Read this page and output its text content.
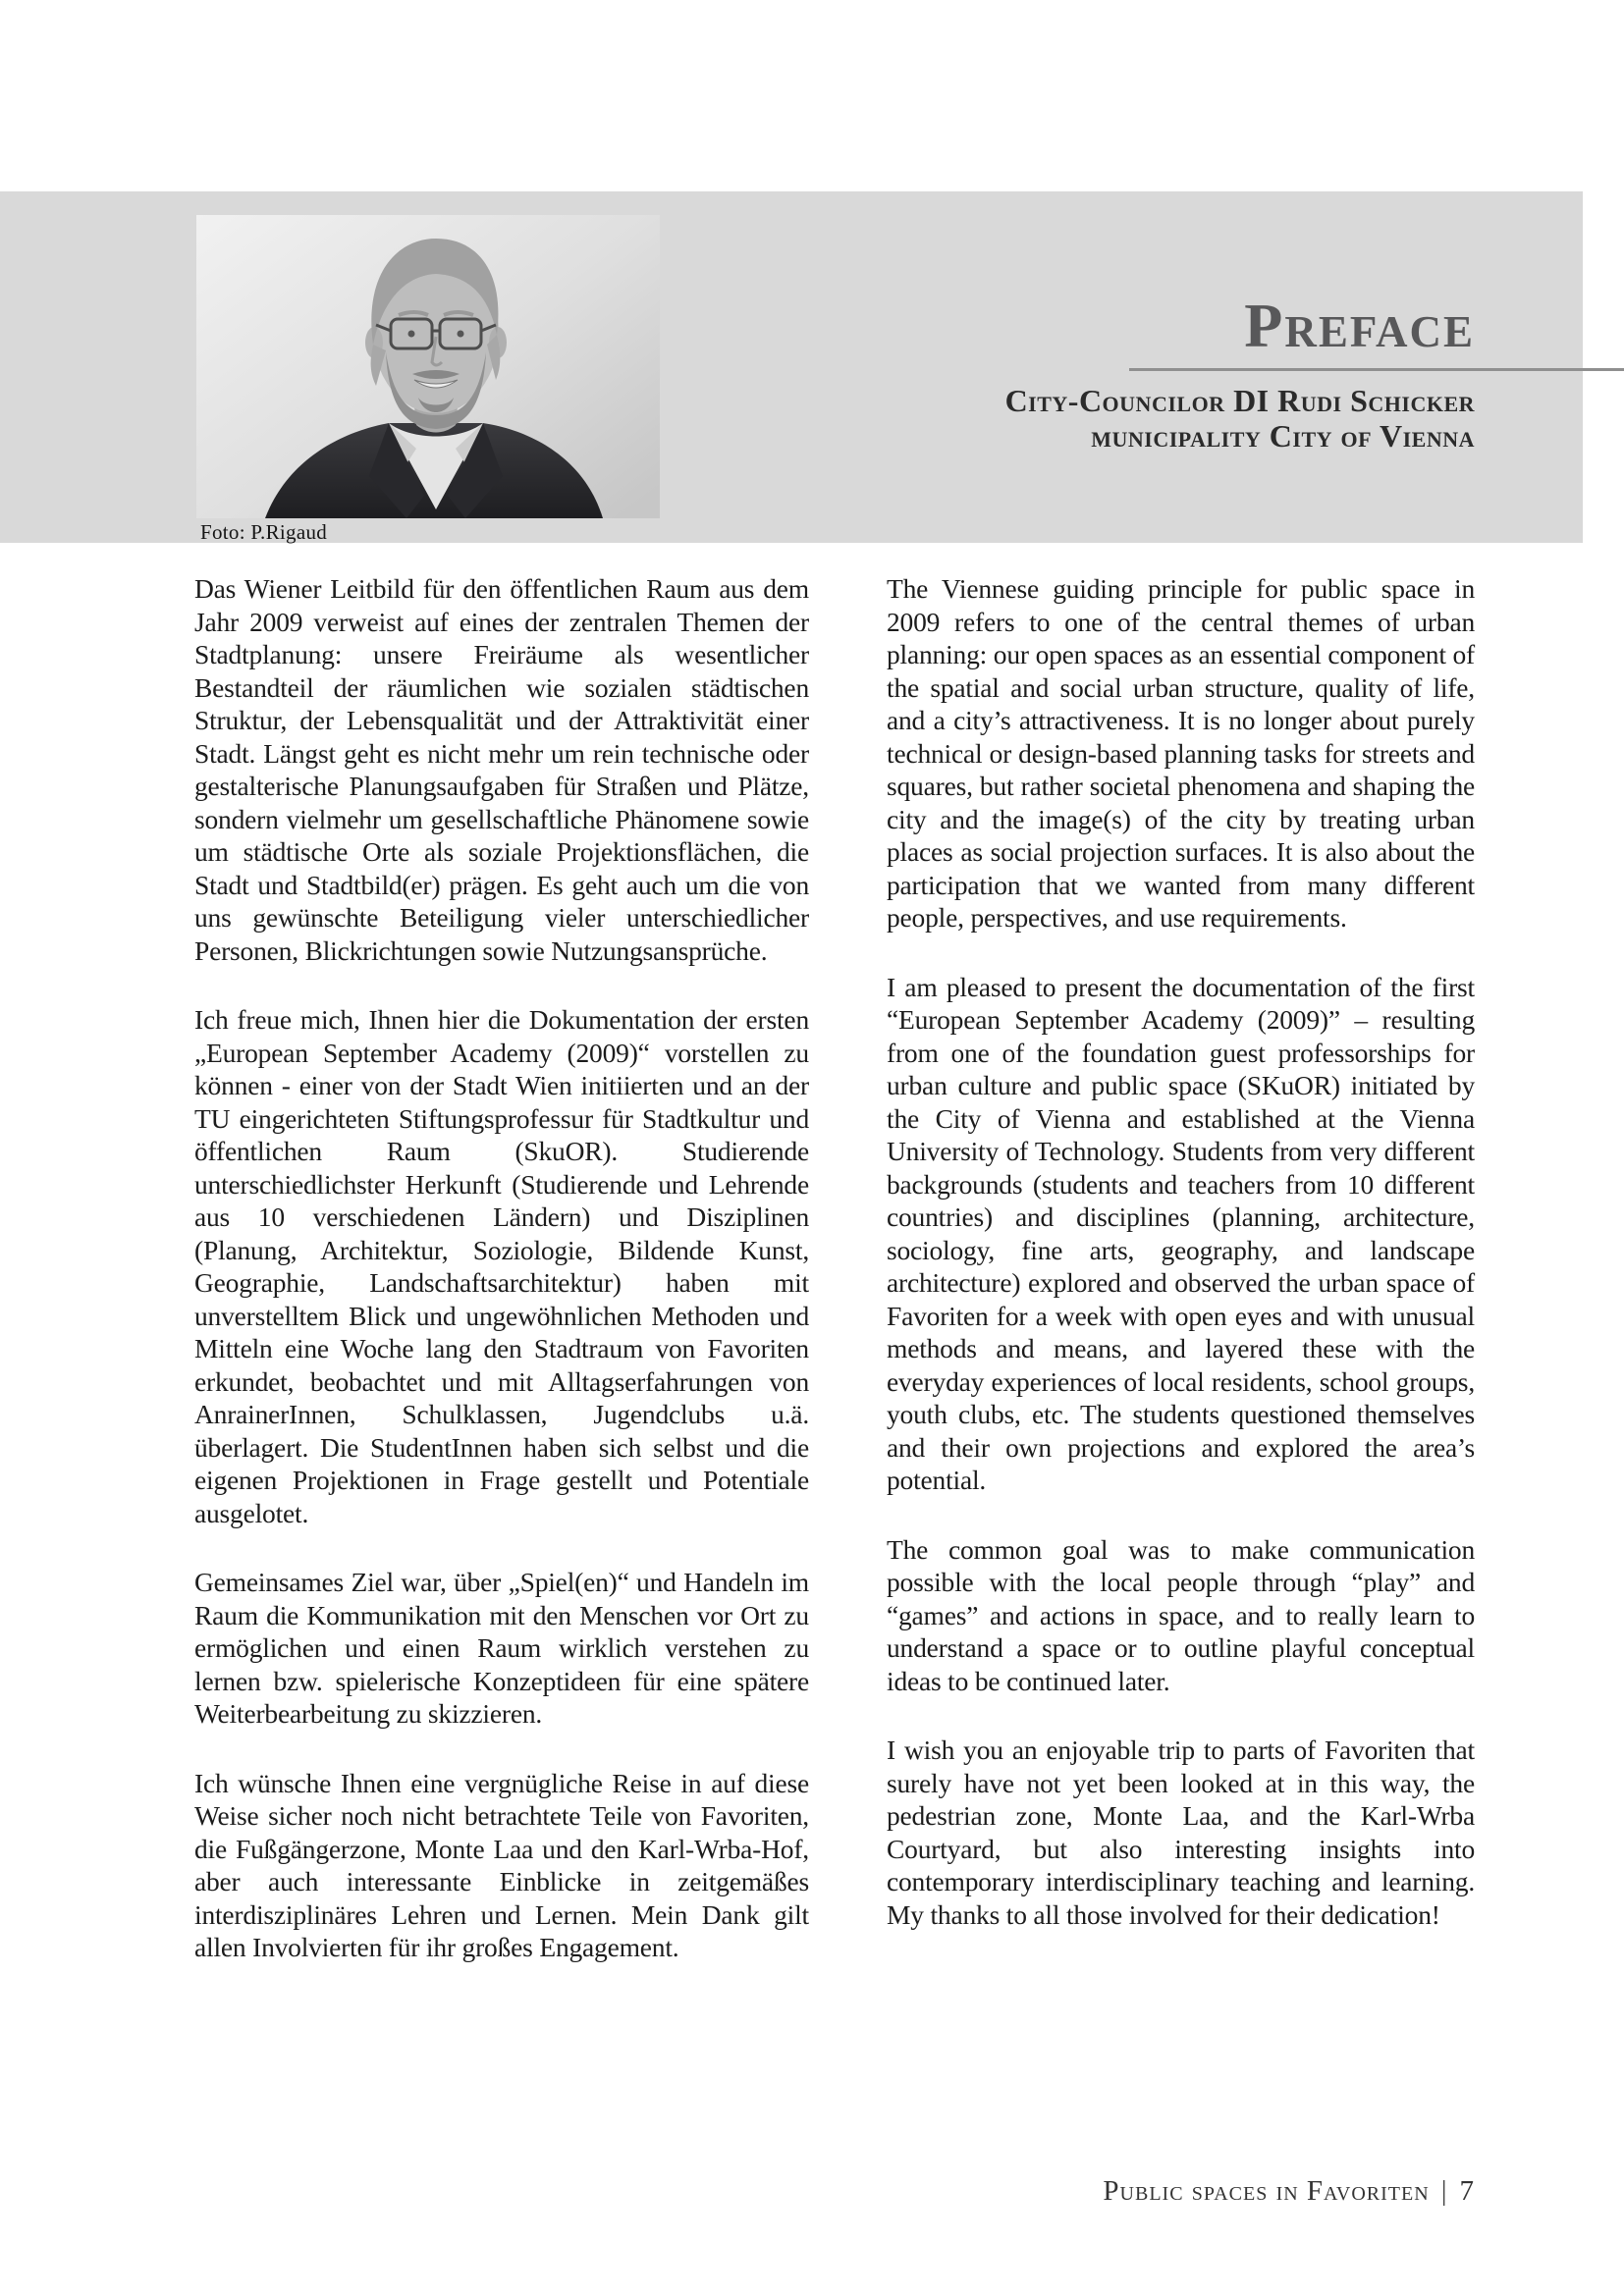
Foto: P.Rigaud
Preface
City-Councilor DI Rudi Schicker
municipality City of Vienna

Das Wiener Leitbild für den öffentlichen Raum aus dem Jahr 2009 verweist auf eines der zentralen Themen der Stadtplanung: unsere Freiräume als wesentlicher Bestandteil der räumlichen wie sozialen städtischen Struktur, der Lebensqualität und der Attraktivität einer Stadt. Längst geht es nicht mehr um rein technische oder gestalterische Planungsaufgaben für Straßen und Plätze, sondern vielmehr um gesellschaftliche Phänomene sowie um städtische Orte als soziale Projektionsflächen, die Stadt und Stadtbild(er) prägen. Es geht auch um die von uns gewünschte Beteiligung vieler unterschiedlicher Personen, Blickrichtungen sowie Nutzungsansprüche.

Ich freue mich, Ihnen hier die Dokumentation der ersten „European September Academy (2009)“ vorstellen zu können - einer von der Stadt Wien initiierten und an der TU eingerichteten Stiftungsprofessur für Stadtkultur und öffentlichen Raum (SkuOR). Studierende unterschiedlichster Herkunft (Studierende und Lehrende aus 10 verschiedenen Ländern) und Disziplinen (Planung, Architektur, Soziologie, Bildende Kunst, Geographie, Landschaftsarchitektur) haben mit unverstelltem Blick und ungewöhnlichen Methoden und Mitteln eine Woche lang den Stadtraum von Favoriten erkundet, beobachtet und mit Alltagserfahrungen von AnrainerInnen, Schulklassen, Jugendclubs u.ä. überlagert. Die StudentInnen haben sich selbst und die eigenen Projektionen in Frage gestellt und Potentiale ausgelotet.

Gemeinsames Ziel war, über „Spiel(en)“ und Handeln im Raum die Kommunikation mit den Menschen vor Ort zu ermöglichen und einen Raum wirklich verstehen zu lernen bzw. spielerische Konzeptideen für eine spätere Weiterbearbeitung zu skizzieren.

Ich wünsche Ihnen eine vergnügliche Reise in auf diese Weise sicher noch nicht betrachtete Teile von Favoriten, die Fußgängerzone, Monte Laa und den Karl-Wrba-Hof, aber auch interessante Einblicke in zeitgemäßes interdisziplinäres Lehren und Lernen. Mein Dank gilt allen Involvierten für ihr großes Engagement.

The Viennese guiding principle for public space in 2009 refers to one of the central themes of urban planning: our open spaces as an essential component of the spatial and social urban structure, quality of life, and a city’s attractiveness. It is no longer about purely technical or design-based planning tasks for streets and squares, but rather societal phenomena and shaping the city and the image(s) of the city by treating urban places as social projection surfaces. It is also about the participation that we wanted from many different people, perspectives, and use requirements.

I am pleased to present the documentation of the first “European September Academy (2009)” – resulting from one of the foundation guest professorships for urban culture and public space (SKuOR) initiated by the City of Vienna and established at the Vienna University of Technology. Students from very different backgrounds (students and teachers from 10 different countries) and disciplines (planning, architecture, sociology, fine arts, geography, and landscape architecture) explored and observed the urban space of Favoriten for a week with open eyes and with unusual methods and means, and layered these with the everyday experiences of local residents, school groups, youth clubs, etc. The students questioned themselves and their own projections and explored the area’s potential.

The common goal was to make communication possible with the local people through “play” and “games” and actions in space, and to really learn to understand a space or to outline playful conceptual ideas to be continued later.

I wish you an enjoyable trip to parts of Favoriten that surely have not yet been looked at in this way, the pedestrian zone, Monte Laa, and the Karl-Wrba Courtyard, but also interesting insights into contemporary interdisciplinary teaching and learning. My thanks to all those involved for their dedication!

Public spaces in Favoriten | 7
